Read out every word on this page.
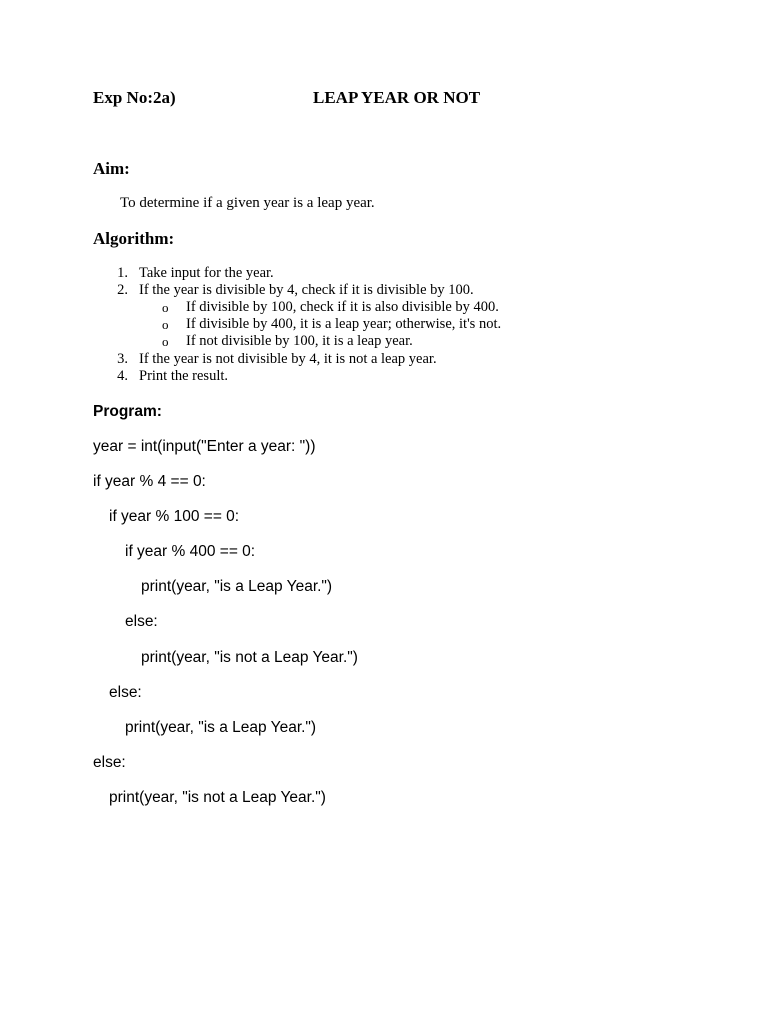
Exp No:2a)	LEAP YEAR OR NOT
Aim:
To determine if a given year is a leap year.
Algorithm:
1. Take input for the year.
2. If the year is divisible by 4, check if it is divisible by 100.
o If divisible by 100, check if it is also divisible by 400.
o If divisible by 400, it is a leap year; otherwise, it's not.
o If not divisible by 100, it is a leap year.
3. If the year is not divisible by 4, it is not a leap year.
4. Print the result.
Program:
year = int(input("Enter a year: "))
if year % 4 == 0:
if year % 100 == 0:
if year % 400 == 0:
print(year, "is a Leap Year.")
else:
print(year, "is not a Leap Year.")
else:
print(year, "is a Leap Year.")
else:
print(year, "is not a Leap Year.")
